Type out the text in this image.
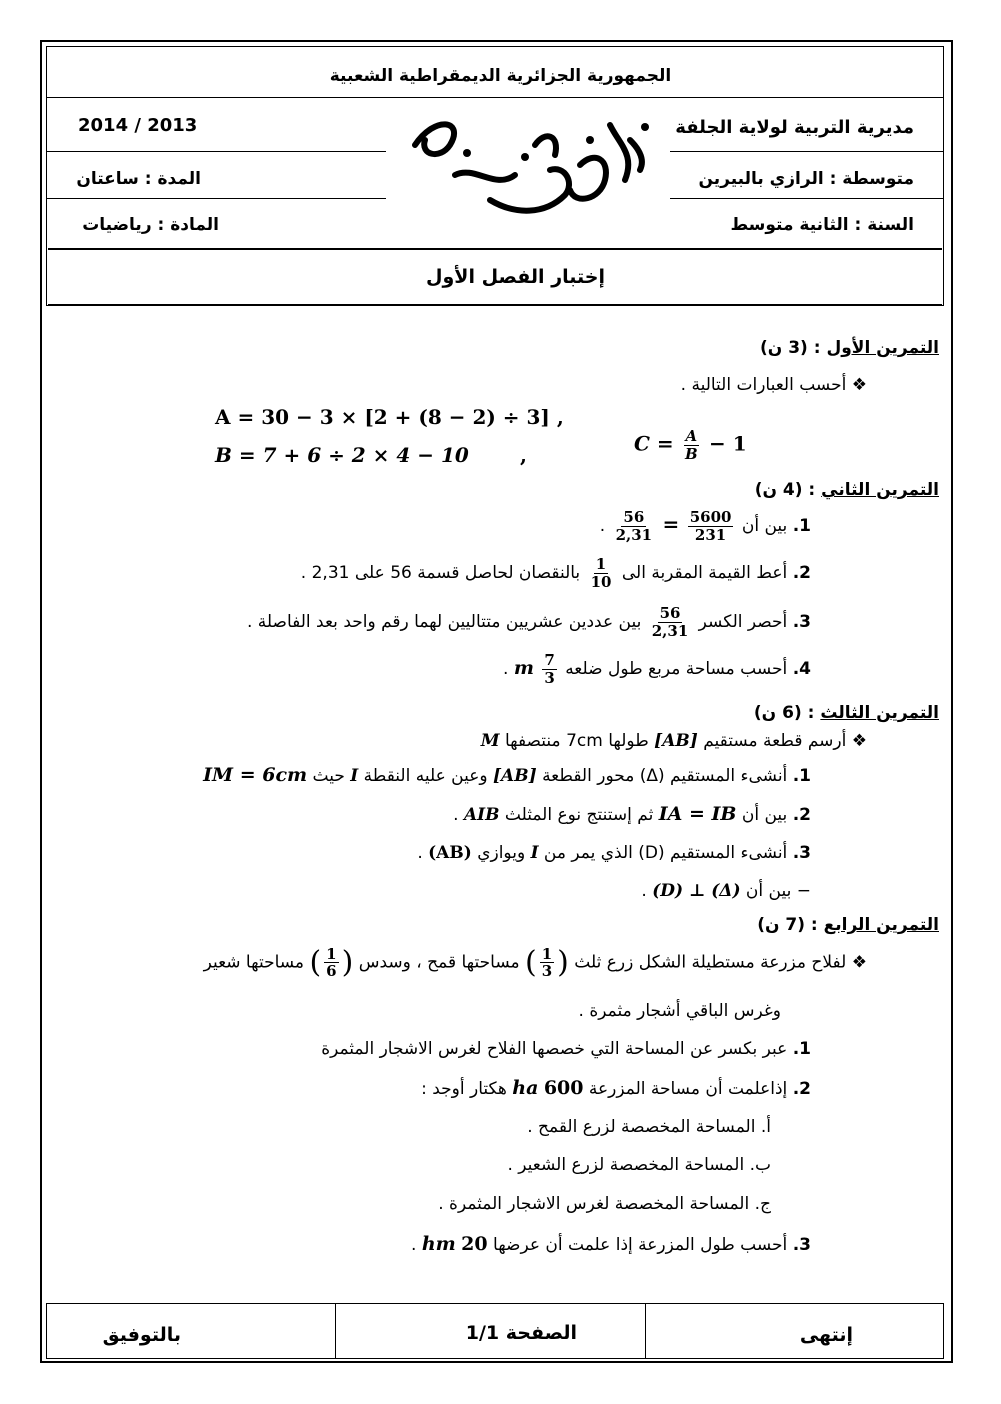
الجمهورية الجزائرية الديمقراطية الشعبية
مديرية التربية لولاية الجلفة
2014 / 2013
متوسطة : الرازي بالبيرين
المدة : ساعتان
السنة : الثانية متوسط
المادة : رياضيات
إختبار الفصل الأول
التمرين الأول : (3 ن)
❖ أحسب العبارات التالية .
A = 30 − 3 × [2 + (8 − 2) ÷ 3] ,
B = 7 + 6 ÷ 2 × 4 − 10	,	$C = \frac{A}{B} - 1$
التمرين الثاني : (4 ن)
1. بين أن
$\frac{5600}{231}$
=
$\frac{56}{2,31}$
.
2. أعط القيمة المقربة الى
$\frac{1}{10}$
بالنقصان لحاصل قسمة 56 على 2,31 .
3. أحصر الكسر
$\frac{56}{2,31}$
بين عددين عشريين متتاليين لهما رقم واحد بعد الفاصلة .
4. أحسب مساحة مربع طول ضلعه
$\frac{7}{3}$
m .
التمرين الثالث : (6 ن)
❖ أرسم قطعة مستقيم [AB] طولها 7cm منتصفها M
1. أنشىء المستقيم (Δ) محور القطعة [AB] وعين عليه النقطة I حيث IM = 6cm
2. بين أن IA = IB ثم إستنتج نوع المثلث AIB .
3. أنشىء المستقيم (D) الذي يمر من I ويوازي (AB) .
− بين أن (Δ) ⊥ (D) .
التمرين الرابع : (7 ن)
❖ لفلاح مزرعة مستطيلة الشكل زرع ثلث (
$\frac{1}{3}$
) مساحتها قمح ، وسدس (
$\frac{1}{6}$
) مساحتها شعير
وغرس الباقي أشجار مثمرة .
1. عبر بكسر عن المساحة التي خصصها الفلاح لغرس الاشجار المثمرة
2. إذاعلمت أن مساحة المزرعة 600 ha هكتار أوجد :
أ. المساحة المخصصة لزرع القمح .
ب. المساحة المخصصة لزرع الشعير .
ج. المساحة المخصصة لغرس الاشجار المثمرة .
3. أحسب طول المزرعة إذا علمت أن عرضها 20 hm .
إنتهى
الصفحة 1/1
بالتوفيق
